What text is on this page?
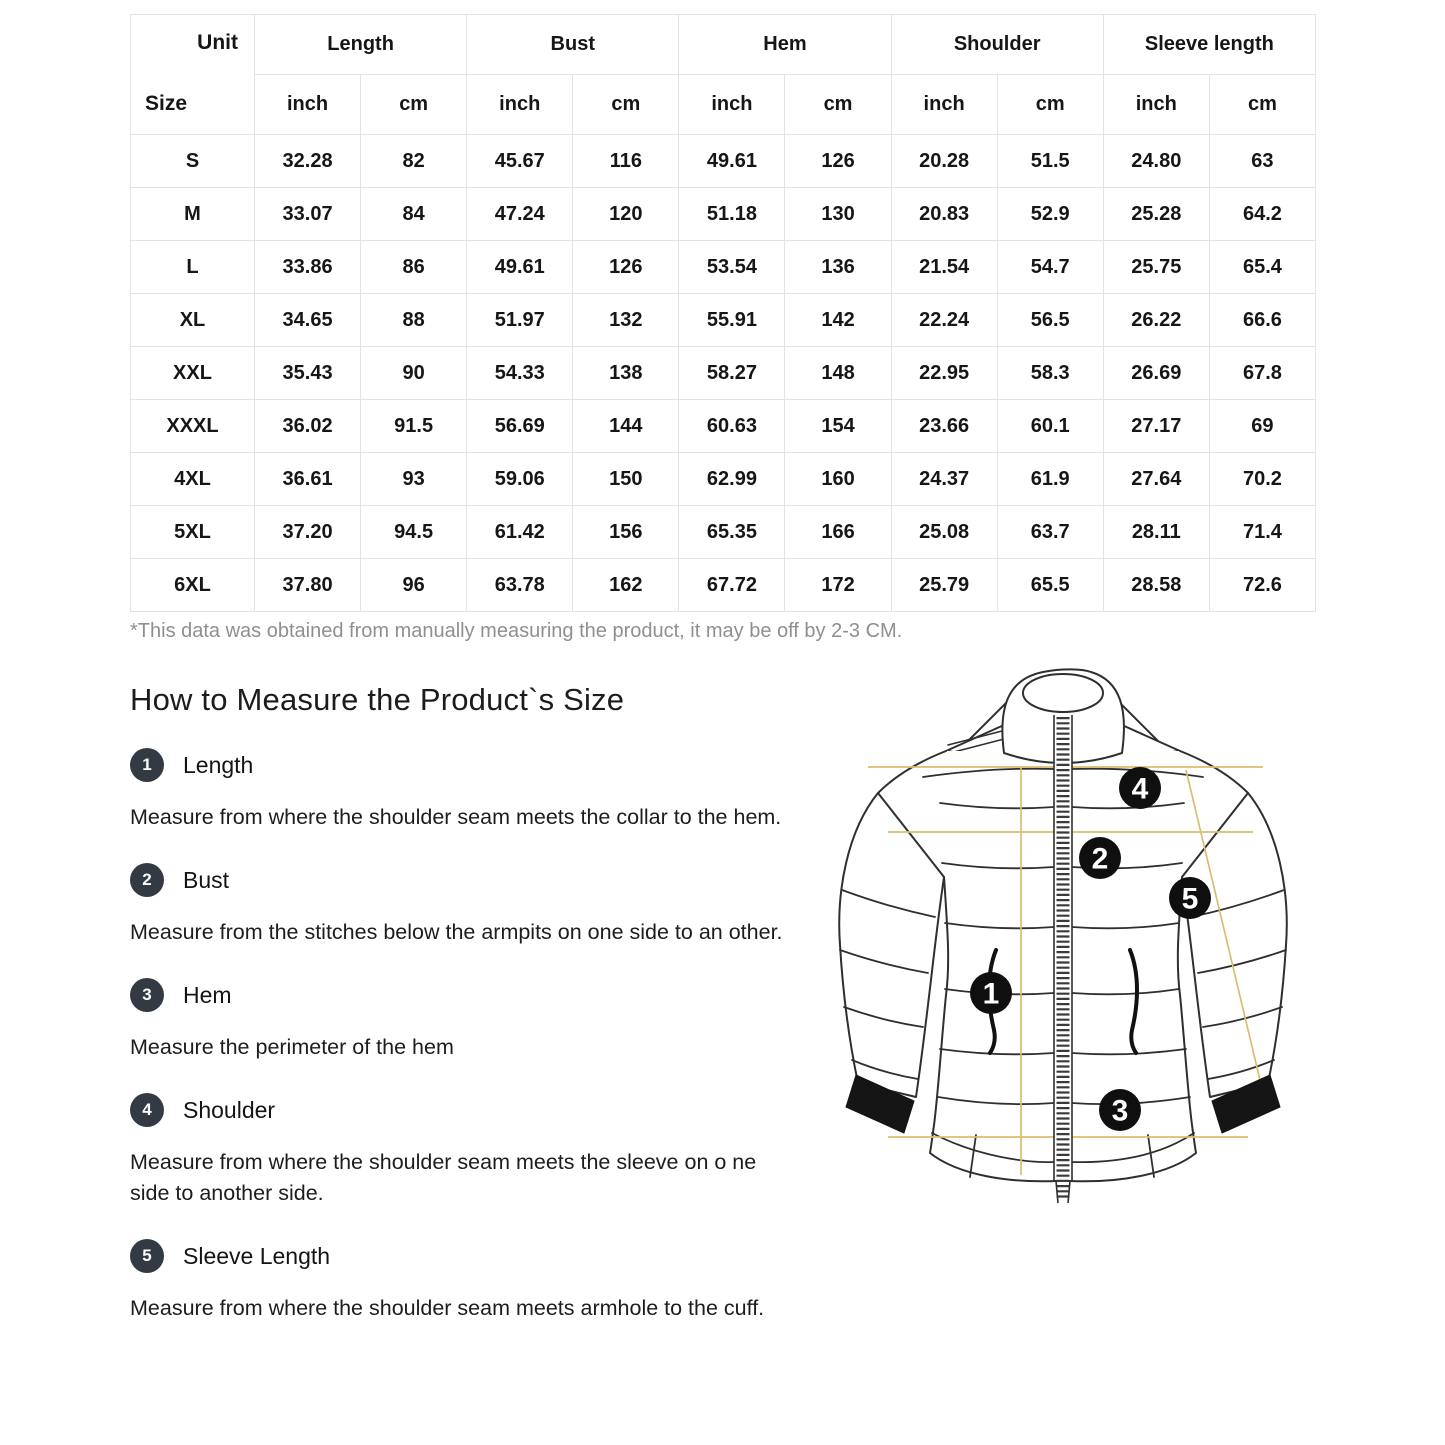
Unit
Size	Length		Bust		Hem		Shoulder		Sleeve length	
	inch	cm	inch	cm	inch	cm	inch	cm	inch	cm
S	32.28	82	45.67	116	49.61	126	20.28	51.5	24.80	63
M	33.07	84	47.24	120	51.18	130	20.83	52.9	25.28	64.2
L	33.86	86	49.61	126	53.54	136	21.54	54.7	25.75	65.4
XL	34.65	88	51.97	132	55.91	142	22.24	56.5	26.22	66.6
XXL	35.43	90	54.33	138	58.27	148	22.95	58.3	26.69	67.8
XXXL	36.02	91.5	56.69	144	60.63	154	23.66	60.1	27.17	69
4XL	36.61	93	59.06	150	62.99	160	24.37	61.9	27.64	70.2
5XL	37.20	94.5	61.42	156	65.35	166	25.08	63.7	28.11	71.4
6XL	37.80	96	63.78	162	67.72	172	25.79	65.5	28.58	72.6
*This data was obtained from manually measuring the product, it may be off by 2-3 CM.
How to Measure the Product`s Size
1	Length

Measure from where the shoulder seam meets the collar to the hem.

2	Bust

Measure from the stitches below the armpits on one side to an other.

3	Hem

Measure the perimeter of the hem

4	Shoulder

Measure from where the shoulder seam meets the sleeve on o ne side to another side.

5	Sleeve Length

Measure from where the shoulder seam meets armhole to the cuff.

1
2
3
4
5
